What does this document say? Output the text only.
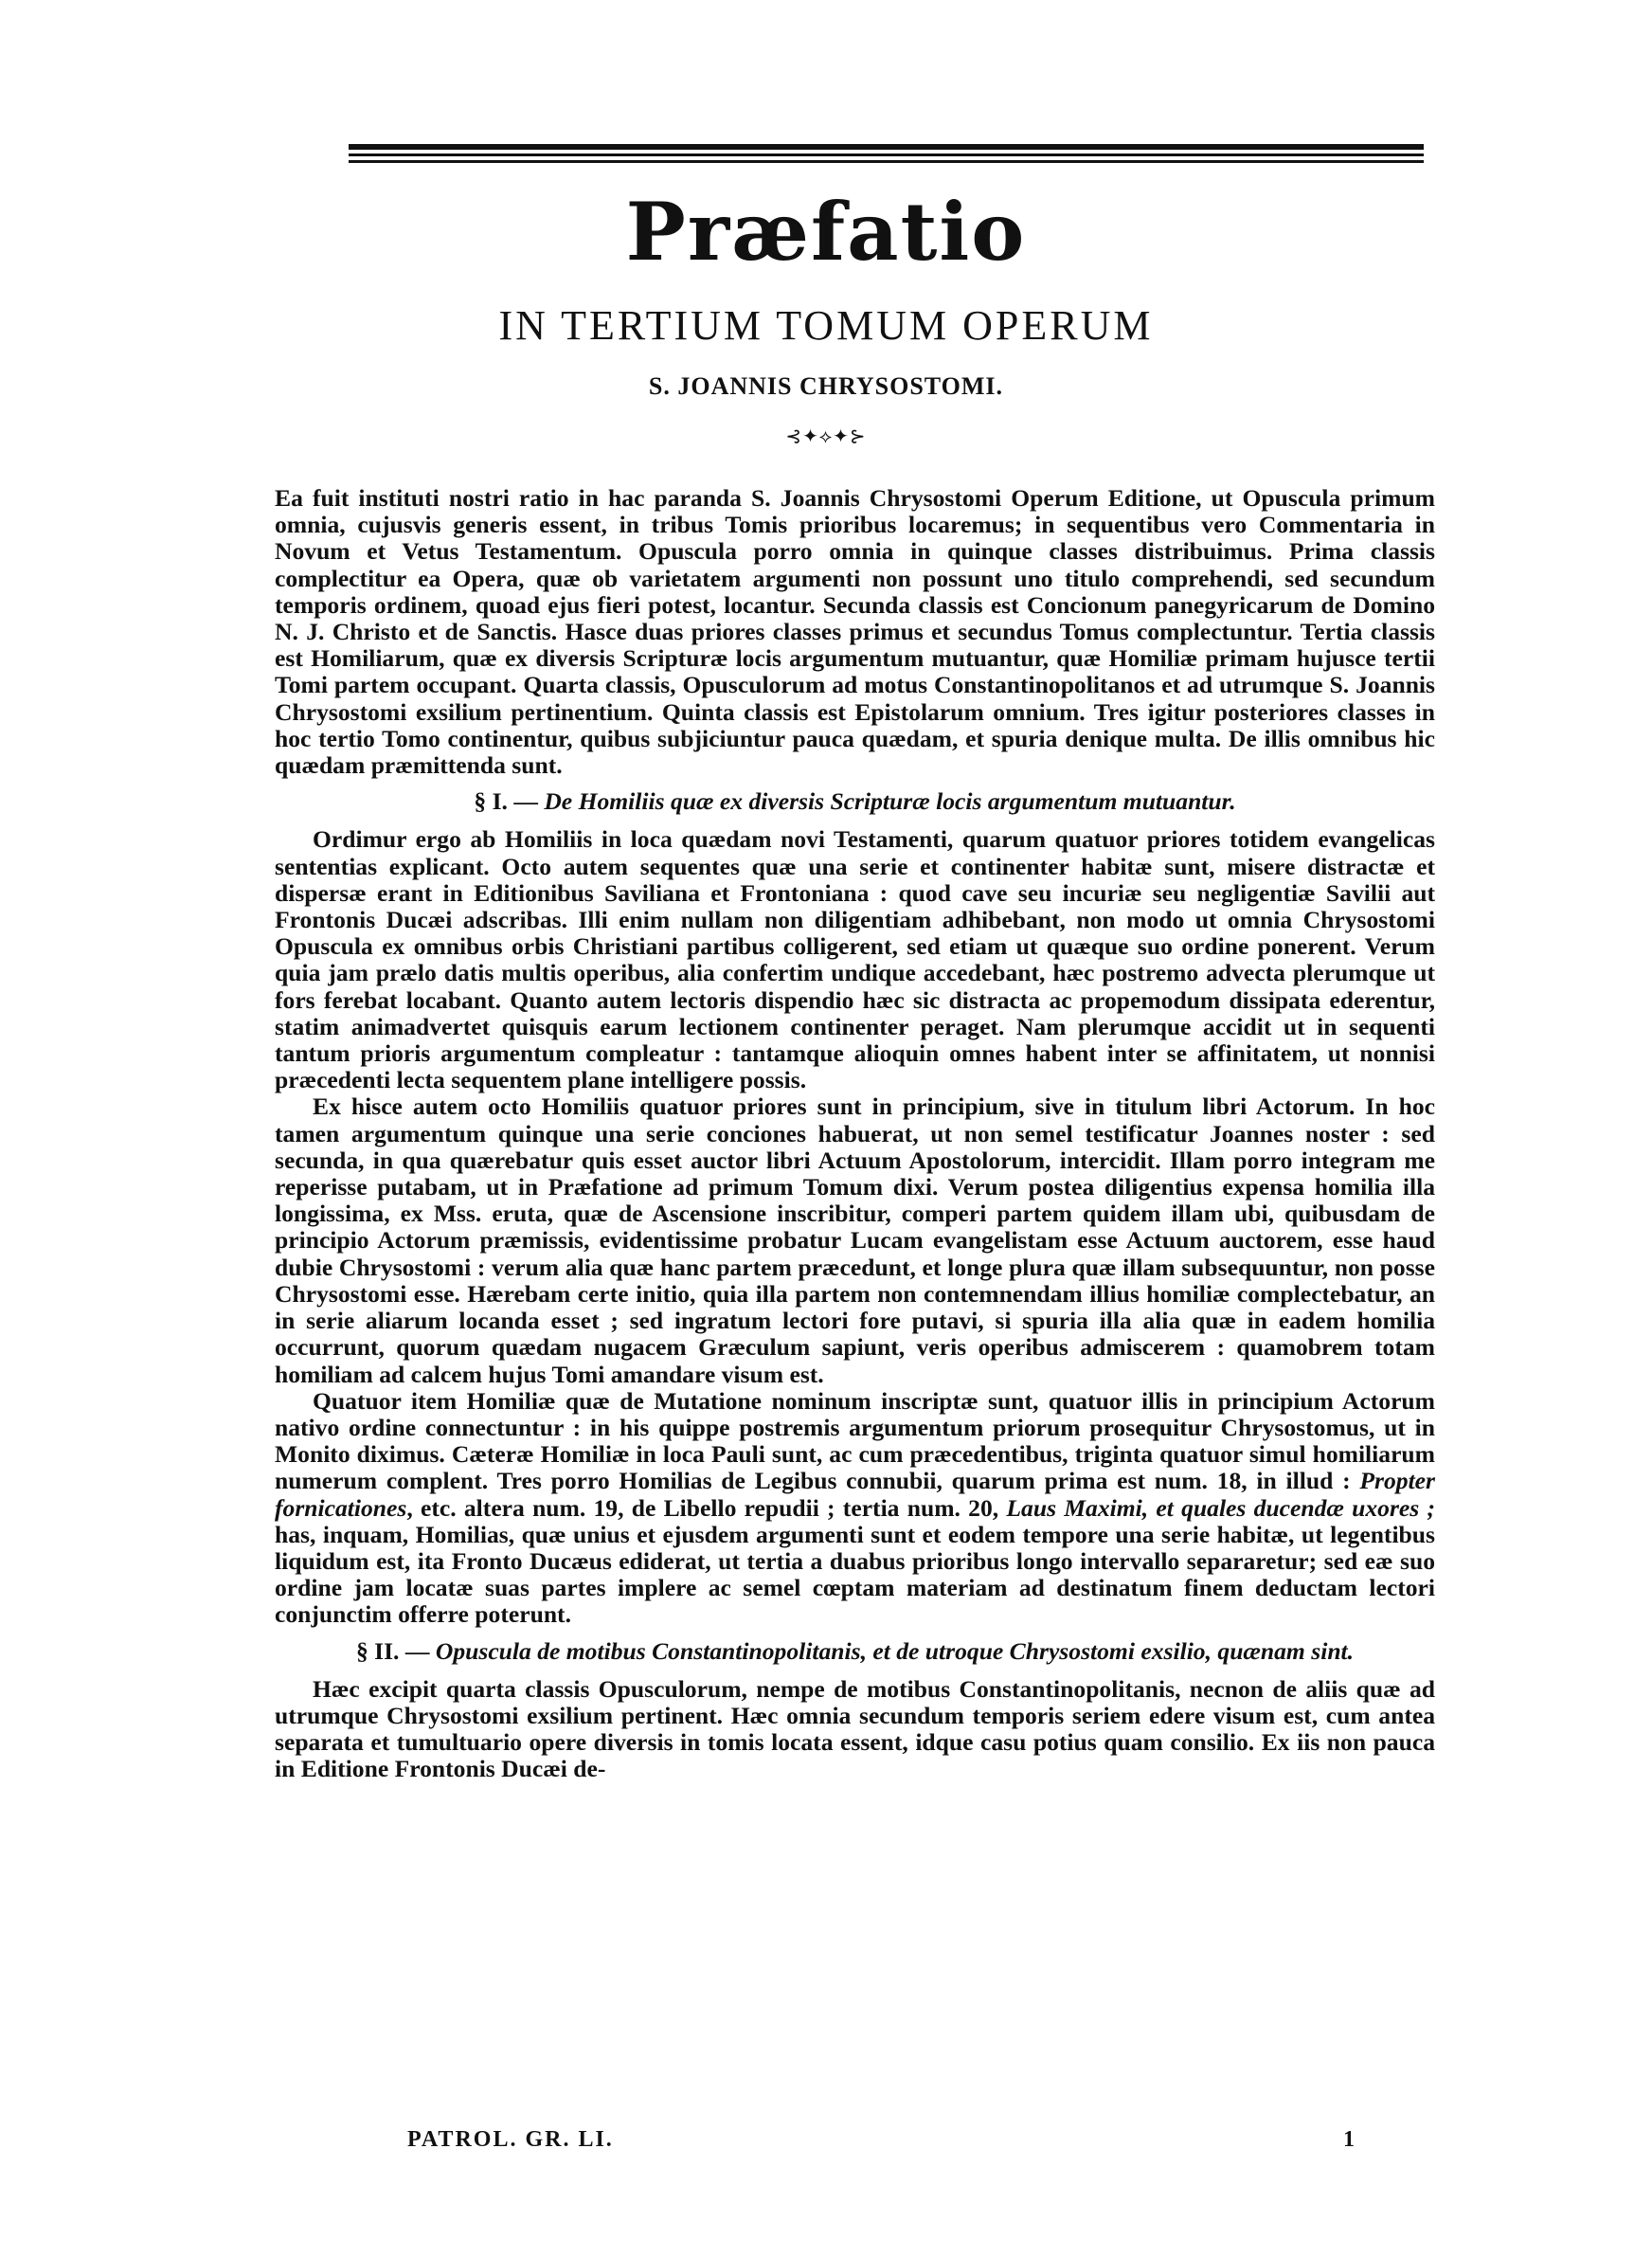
Præfatio
IN TERTIUM TOMUM OPERUM
S. JOANNIS CHRYSOSTOMI.
⊰✦⟡✦⊱

Ea fuit instituti nostri ratio in hac paranda S. Joannis Chrysostomi Operum Editione, ut Opuscula primum omnia, cujusvis generis essent, in tribus Tomis prioribus locaremus; in sequentibus vero Commentaria in Novum et Vetus Testamentum. Opuscula porro omnia in quinque classes distribuimus. Prima classis complectitur ea Opera, quæ ob varietatem argumenti non possunt uno titulo comprehendi, sed secundum temporis ordinem, quoad ejus fieri potest, locantur. Secunda classis est Concionum panegyricarum de Domino N. J. Christo et de Sanctis. Hasce duas priores classes primus et secundus Tomus complectuntur. Tertia classis est Homiliarum, quæ ex diversis Scripturæ locis argumentum mutuantur, quæ Homiliæ primam hujusce tertii Tomi partem occupant. Quarta classis, Opusculorum ad motus Constantinopolitanos et ad utrumque S. Joannis Chrysostomi exsilium pertinentium. Quinta classis est Epistolarum omnium. Tres igitur posteriores classes in hoc tertio Tomo continentur, quibus subjiciuntur pauca quædam, et spuria denique multa. De illis omnibus hic quædam præmittenda sunt.

§ I. — De Homiliis quæ ex diversis Scripturæ locis argumentum mutuantur.

Ordimur ergo ab Homiliis in loca quædam novi Testamenti, quarum quatuor priores totidem evangelicas sententias explicant. Octo autem sequentes quæ una serie et continenter habitæ sunt, misere distractæ et dispersæ erant in Editionibus Saviliana et Frontoniana : quod cave seu incuriæ seu negligentiæ Savilii aut Frontonis Ducæi adscribas. Illi enim nullam non diligentiam adhibebant, non modo ut omnia Chrysostomi Opuscula ex omnibus orbis Christiani partibus colligerent, sed etiam ut quæque suo ordine ponerent. Verum quia jam prælo datis multis operibus, alia confertim undique accedebant, hæc postremo advecta plerumque ut fors ferebat locabant. Quanto autem lectoris dispendio hæc sic distracta ac propemodum dissipata ederentur, statim animadvertet quisquis earum lectionem continenter peraget. Nam plerumque accidit ut in sequenti tantum prioris argumentum compleatur : tantamque alioquin omnes habent inter se affinitatem, ut nonnisi præcedenti lecta sequentem plane intelligere possis.

Ex hisce autem octo Homiliis quatuor priores sunt in principium, sive in titulum libri Actorum. In hoc tamen argumentum quinque una serie conciones habuerat, ut non semel testificatur Joannes noster : sed secunda, in qua quærebatur quis esset auctor libri Actuum Apostolorum, intercidit. Illam porro integram me reperisse putabam, ut in Præfatione ad primum Tomum dixi. Verum postea diligentius expensa homilia illa longissima, ex Mss. eruta, quæ de Ascensione inscribitur, comperi partem quidem illam ubi, quibusdam de principio Actorum præmissis, evidentissime probatur Lucam evangelistam esse Actuum auctorem, esse haud dubie Chrysostomi : verum alia quæ hanc partem præcedunt, et longe plura quæ illam subsequuntur, non posse Chrysostomi esse. Hærebam certe initio, quia illa partem non contemnendam illius homiliæ complectebatur, an in serie aliarum locanda esset ; sed ingratum lectori fore putavi, si spuria illa alia quæ in eadem homilia occurrunt, quorum quædam nugacem Græculum sapiunt, veris operibus admiscerem : quamobrem totam homiliam ad calcem hujus Tomi amandare visum est.

Quatuor item Homiliæ quæ de Mutatione nominum inscriptæ sunt, quatuor illis in principium Actorum nativo ordine connectuntur : in his quippe postremis argumentum priorum prosequitur Chrysostomus, ut in Monito diximus. Cæteræ Homiliæ in loca Pauli sunt, ac cum præcedentibus, triginta quatuor simul homiliarum numerum complent. Tres porro Homilias de Legibus connubii, quarum prima est num. 18, in illud : Propter fornicationes, etc. altera num. 19, de Libello repudii ; tertia num. 20, Laus Maximi, et quales ducendæ uxores ; has, inquam, Homilias, quæ unius et ejusdem argumenti sunt et eodem tempore una serie habitæ, ut legentibus liquidum est, ita Fronto Ducæus ediderat, ut tertia a duabus prioribus longo intervallo separaretur; sed eæ suo ordine jam locatæ suas partes implere ac semel cœptam materiam ad destinatum finem deductam lectori conjunctim offerre poterunt.

§ II. — Opuscula de motibus Constantinopolitanis, et de utroque Chrysostomi exsilio, quænam sint.

Hæc excipit quarta classis Opusculorum, nempe de motibus Constantinopolitanis, necnon de aliis quæ ad utrumque Chrysostomi exsilium pertinent. Hæc omnia secundum temporis seriem edere visum est, cum antea separata et tumultuario opere diversis in tomis locata essent, idque casu potius quam consilio. Ex iis non pauca in Editione Frontonis Ducæi de-

PATROL. GR. LI.	1
